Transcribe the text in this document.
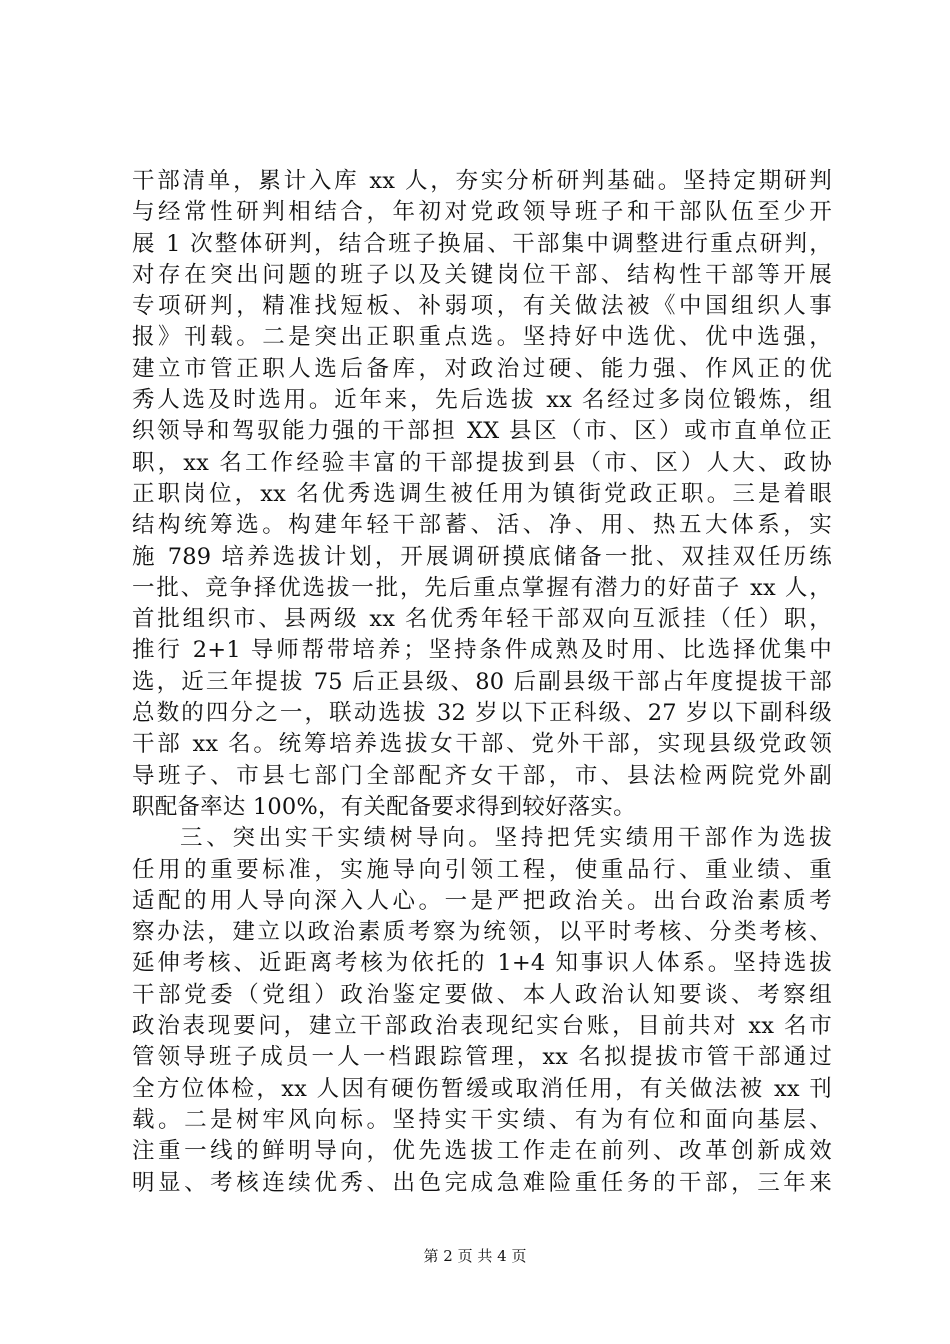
干部清单，累计入库 xx 人，夯实分析研判基础。坚持定期研判
与经常性研判相结合，年初对党政领导班子和干部队伍至少开
展 1 次整体研判，结合班子换届、干部集中调整进行重点研判，
对存在突出问题的班子以及关键岗位干部、结构性干部等开展
专项研判，精准找短板、补弱项，有关做法被《中国组织人事
报》刊载。二是突出正职重点选。坚持好中选优、优中选强，
建立市管正职人选后备库，对政治过硬、能力强、作风正的优
秀人选及时选用。近年来，先后选拔 xx 名经过多岗位锻炼，组
织领导和驾驭能力强的干部担 XX 县区（市、区）或市直单位正
职，xx 名工作经验丰富的干部提拔到县（市、区）人大、政协
正职岗位，xx 名优秀选调生被任用为镇街党政正职。三是着眼
结构统筹选。构建年轻干部蓄、活、净、用、热五大体系，实
施 789 培养选拔计划，开展调研摸底储备一批、双挂双任历练
一批、竞争择优选拔一批，先后重点掌握有潜力的好苗子 xx 人，
首批组织市、县两级 xx 名优秀年轻干部双向互派挂（任）职，
推行 2+1 导师帮带培养；坚持条件成熟及时用、比选择优集中
选，近三年提拔 75 后正县级、80 后副县级干部占年度提拔干部
总数的四分之一，联动选拔 32 岁以下正科级、27 岁以下副科级
干部 xx 名。统筹培养选拔女干部、党外干部，实现县级党政领
导班子、市县七部门全部配齐女干部，市、县法检两院党外副
职配备率达 100%，有关配备要求得到较好落实。
三、突出实干实绩树导向。坚持把凭实绩用干部作为选拔
任用的重要标准，实施导向引领工程，使重品行、重业绩、重
适配的用人导向深入人心。一是严把政治关。出台政治素质考
察办法，建立以政治素质考察为统领，以平时考核、分类考核、
延伸考核、近距离考核为依托的 1+4 知事识人体系。坚持选拔
干部党委（党组）政治鉴定要做、本人政治认知要谈、考察组
政治表现要问，建立干部政治表现纪实台账，目前共对 xx 名市
管领导班子成员一人一档跟踪管理，xx 名拟提拔市管干部通过
全方位体检，xx 人因有硬伤暂缓或取消任用，有关做法被 xx 刊
载。二是树牢风向标。坚持实干实绩、有为有位和面向基层、
注重一线的鲜明导向，优先选拔工作走在前列、改革创新成效
明显、考核连续优秀、出色完成急难险重任务的干部，三年来
第 2 页 共 4 页
